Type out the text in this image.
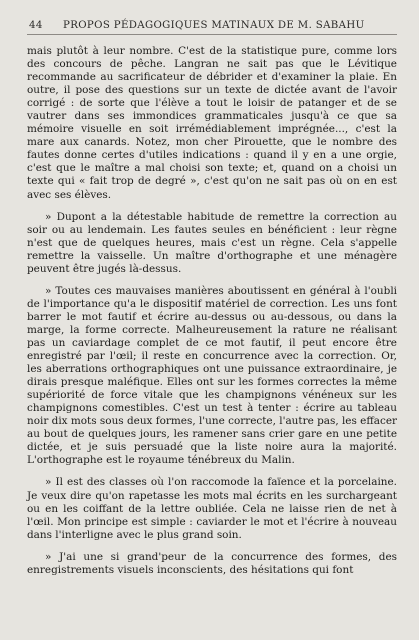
44	PROPOS PÉDAGOGIQUES MATINAUX DE M. SABAHU

mais plutôt à leur nombre. C'est de la statistique pure, comme lors des concours de pêche. Langran ne sait pas que le Lévitique recommande au sacrificateur de débrider et d'examiner la plaie. En outre, il pose des questions sur un texte de dictée avant de l'avoir corrigé : de sorte que l'élève a tout le loisir de patanger et de se vautrer dans ses immondices grammaticales jusqu'à ce que sa mémoire visuelle en soit irrémédiablement imprégnée..., c'est la mare aux canards. Notez, mon cher Pirouette, que le nombre des fautes donne certes d'utiles indications : quand il y en a une orgie, c'est que le maître a mal choisi son texte; et, quand on a choisi un texte qui « fait trop de degré », c'est qu'on ne sait pas où on en est avec ses élèves.

» Dupont a la détestable habitude de remettre la correction au soir ou au lendemain. Les fautes seules en bénéficient : leur règne n'est que de quelques heures, mais c'est un règne. Cela s'appelle remettre la vaisselle. Un maître d'orthographe et une ménagère peuvent être jugés là-dessus.

» Toutes ces mauvaises manières aboutissent en général à l'oubli de l'importance qu'a le dispositif matériel de correction. Les uns font barrer le mot fautif et écrire au-dessus ou au-dessous, ou dans la marge, la forme correcte. Malheureusement la rature ne réalisant pas un caviardage complet de ce mot fautif, il peut encore être enregistré par l'œil; il reste en concurrence avec la correction. Or, les aberrations orthographiques ont une puissance extraordinaire, je dirais presque maléfique. Elles ont sur les formes correctes la même supériorité de force vitale que les champignons vénéneux sur les champignons comestibles. C'est un test à tenter : écrire au tableau noir dix mots sous deux formes, l'une correcte, l'autre pas, les effacer au bout de quelques jours, les ramener sans crier gare en une petite dictée, et je suis persuadé que la liste noire aura la majorité. L'orthographe est le royaume ténébreux du Malin.

» Il est des classes où l'on raccomode la faïence et la porcelaine. Je veux dire qu'on rapetasse les mots mal écrits en les surchargeant ou en les coiffant de la lettre oubliée. Cela ne laisse rien de net à l'œil. Mon principe est simple : caviarder le mot et l'écrire à nouveau dans l'interligne avec le plus grand soin.

» J'ai une si grand'peur de la concurrence des formes, des enregistrements visuels inconscients, des hésitations qui font
